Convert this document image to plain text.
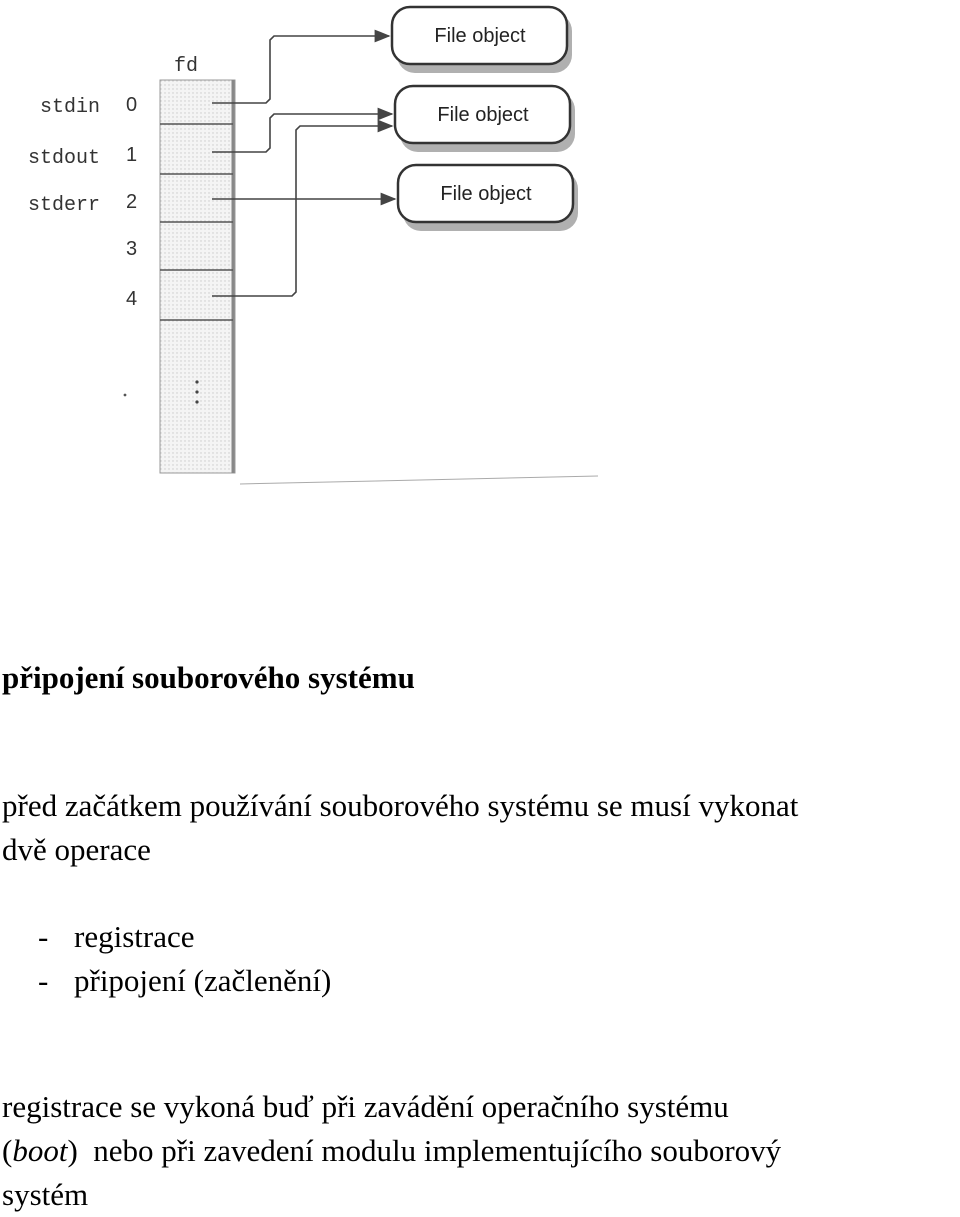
fd
stdin 0
stdout 1
stderr 2
3
4
File object
File object
File object
připojení souborového systému
před začátkem používání souborového systému se musí vykonat
dvě operace
- registrace
- připojení (začlenění)
registrace se vykoná buď při zavádění operačního systému
(boot)  nebo při zavedení modulu implementujícího souborový
systém
